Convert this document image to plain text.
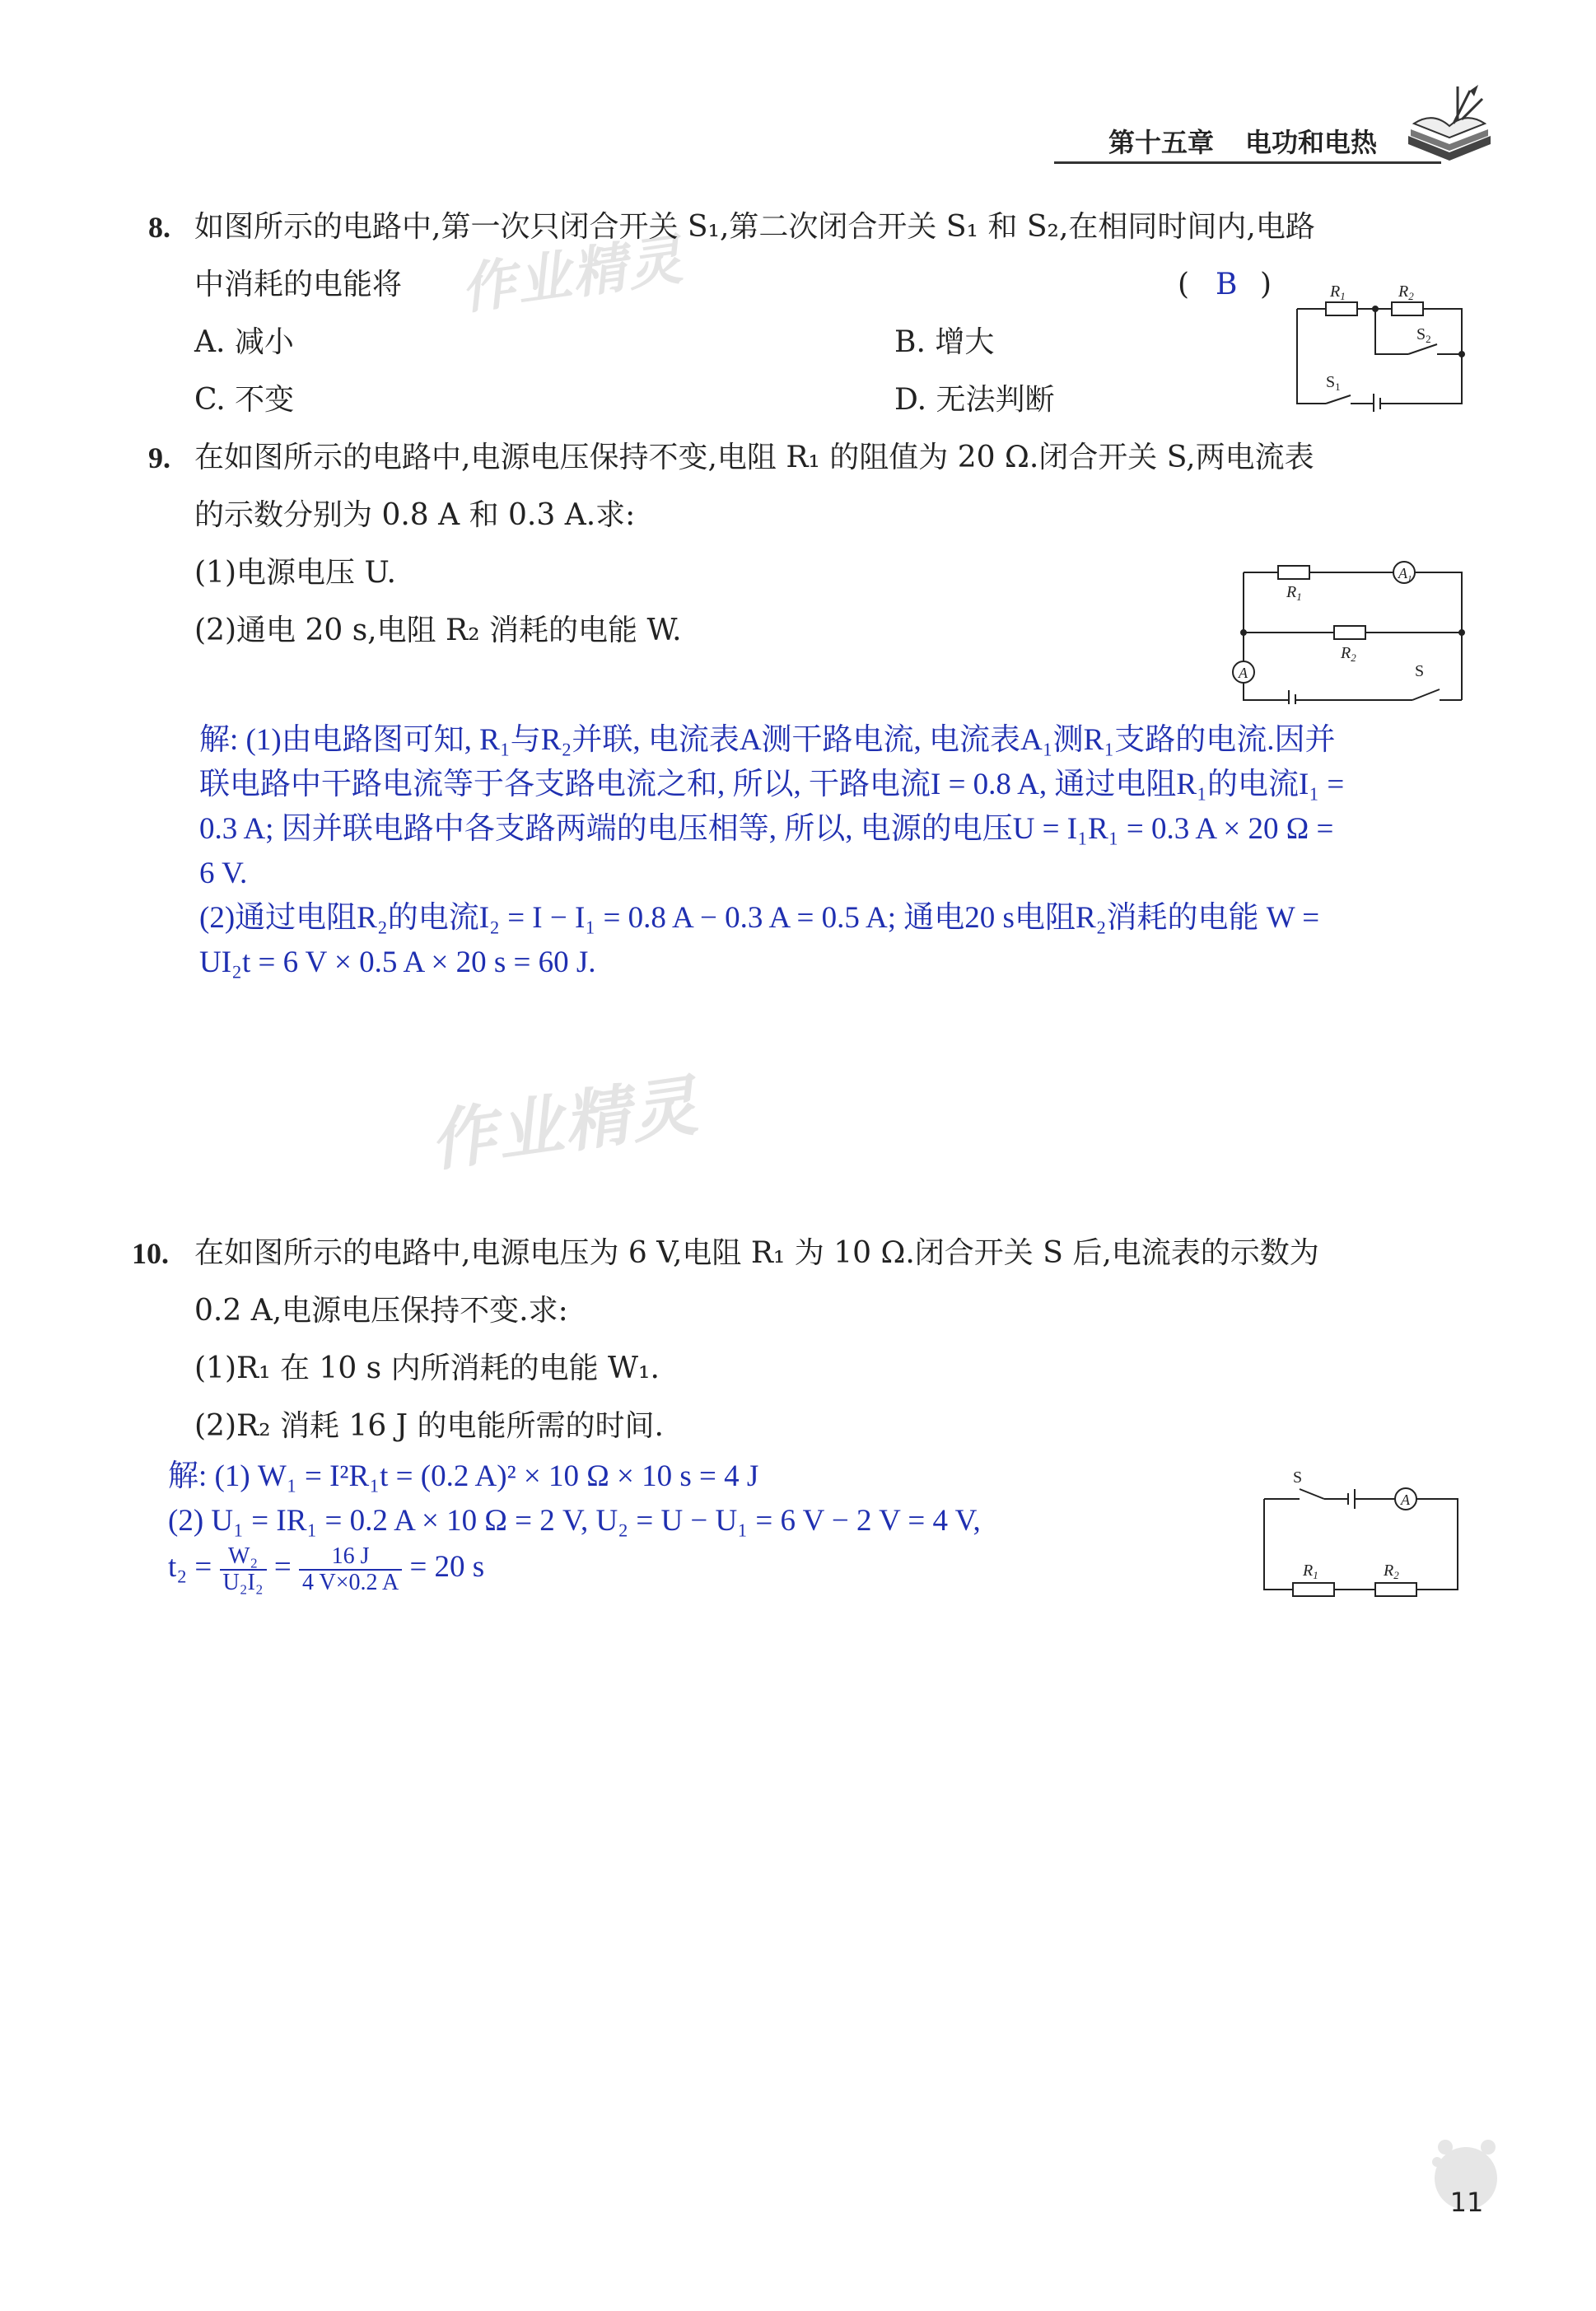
第十五章 电功和电热
作业精灵
作业精灵
8. 如图所示的电路中,第一次只闭合开关 S₁,第二次闭合开关 S₁ 和 S₂,在相同时间内,电路
中消耗的电能将	( B )
A. 减小	B. 增大
C. 不变	D. 无法判断
$R_1$	$R_2$
$S_2$
$S_1$
9. 在如图所示的电路中,电源电压保持不变,电阻 R₁ 的阻值为 20 Ω.闭合开关 S,两电流表
的示数分别为 0.8 A 和 0.3 A.求:
(1)电源电压 U.
(2)通电 20 s,电阻 R₂ 消耗的电能 W.
$A_1$
A
$R_1$
$R_2$
S
解: (1)由电路图可知, R₁与R₂并联, 电流表A测干路电流, 电流表A₁测R₁支路的电流.因并
联电路中干路电流等于各支路电流之和, 所以, 干路电流I = 0.8 A, 通过电阻R₁的电流I₁ =
0.3 A; 因并联电路中各支路两端的电压相等, 所以, 电源的电压U = I₁R₁ = 0.3 A × 20 Ω =
6 V.
(2)通过电阻R₂的电流I₂ = I − I₁ = 0.8 A − 0.3 A = 0.5 A; 通电20 s电阻R₂消耗的电能 W =
UI₂t = 6 V × 0.5 A × 20 s = 60 J.
10. 在如图所示的电路中,电源电压为 6 V,电阻 R₁ 为 10 Ω.闭合开关 S 后,电流表的示数为
0.2 A,电源电压保持不变.求:
(1)R₁ 在 10 s 内所消耗的电能 W₁.
(2)R₂ 消耗 16 J 的电能所需的时间.
解: (1) W₁ = I²R₁t = (0.2 A)² × 10 Ω × 10 s = 4 J
(2) U₁ = IR₁ = 0.2 A × 10 Ω = 2 V, U₂ = U − U₁ = 6 V − 2 V = 4 V,
$t_2 = \frac{\text{W₂}}{\text{U₂I₂}} = \frac{16 J}{4 V\times 0.2 A} = 20$ s
S
A
$R_1$	$R_2$
11
